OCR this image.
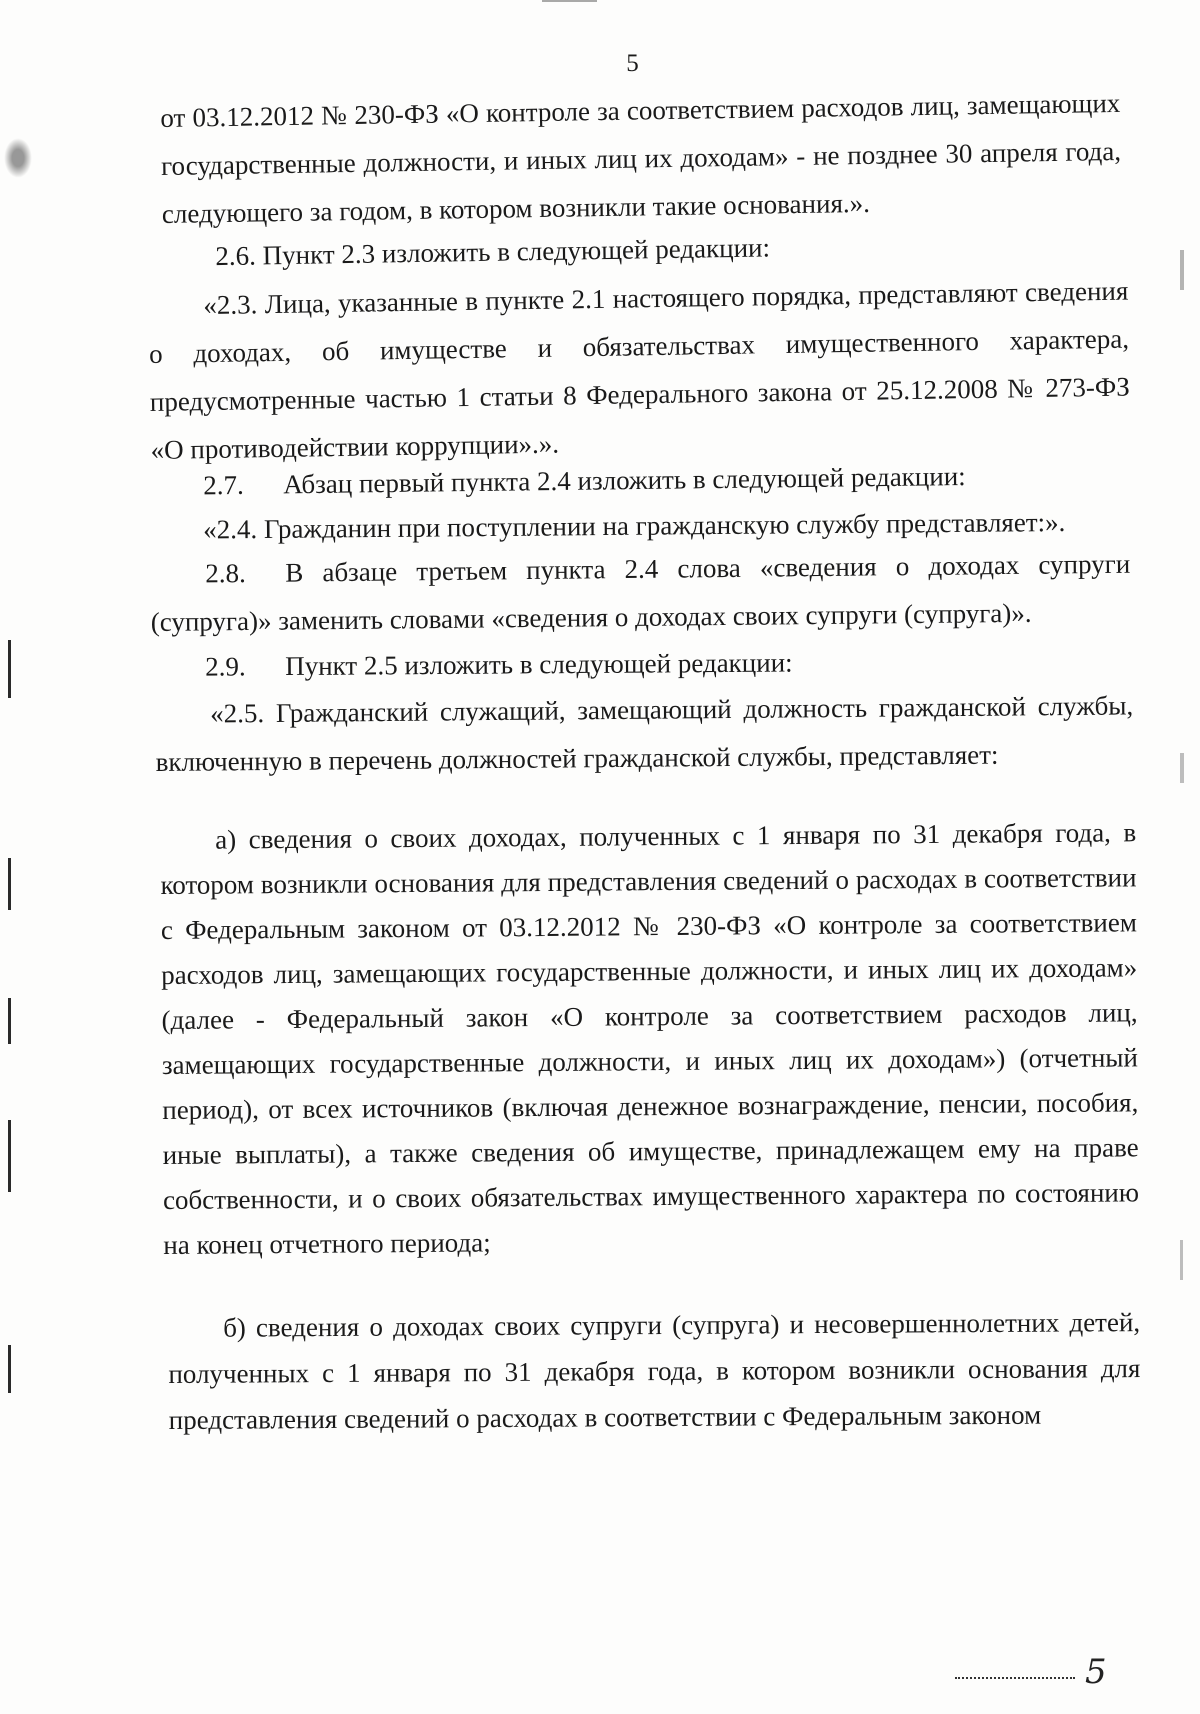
5

от 03.12.2012 № 230-ФЗ «О контроле за соответствием расходов лиц, замещающих государственные должности, и иных лиц их доходам» - не позднее 30 апреля года, следующего за годом, в котором возникли такие основания.».

2.6. Пункт 2.3 изложить в следующей редакции:

«2.3. Лица, указанные в пункте 2.1 настоящего порядка, представляют сведения о доходах, об имуществе и обязательствах имущественного характера, предусмотренные частью 1 статьи 8 Федерального закона от 25.12.2008 № 273-ФЗ «О противодействии коррупции».».

2.7. Абзац первый пункта 2.4 изложить в следующей редакции:

«2.4. Гражданин при поступлении на гражданскую службу представляет:».

2.8. В абзаце третьем пункта 2.4 слова «сведения о доходах супруги (супруга)» заменить словами «сведения о доходах своих супруги (супруга)».

2.9. Пункт 2.5 изложить в следующей редакции:

«2.5. Гражданский служащий, замещающий должность гражданской службы, включенную в перечень должностей гражданской службы, представляет:

а) сведения о своих доходах, полученных с 1 января по 31 декабря года, в котором возникли основания для представления сведений о расходах в соответствии с Федеральным законом от 03.12.2012 № 230-ФЗ «О контроле за соответствием расходов лиц, замещающих государственные должности, и иных лиц их доходам» (далее - Федеральный закон «О контроле за соответствием расходов лиц, замещающих государственные должности, и иных лиц их доходам») (отчетный период), от всех источников (включая денежное вознаграждение, пенсии, пособия, иные выплаты), а также сведения об имуществе, принадлежащем ему на праве собственности, и о своих обязательствах имущественного характера по состоянию на конец отчетного периода;

б) сведения о доходах своих супруги (супруга) и несовершеннолетних детей, полученных с 1 января по 31 декабря года, в котором возникли основания для представления сведений о расходах в соответствии с Федеральным законом

5
